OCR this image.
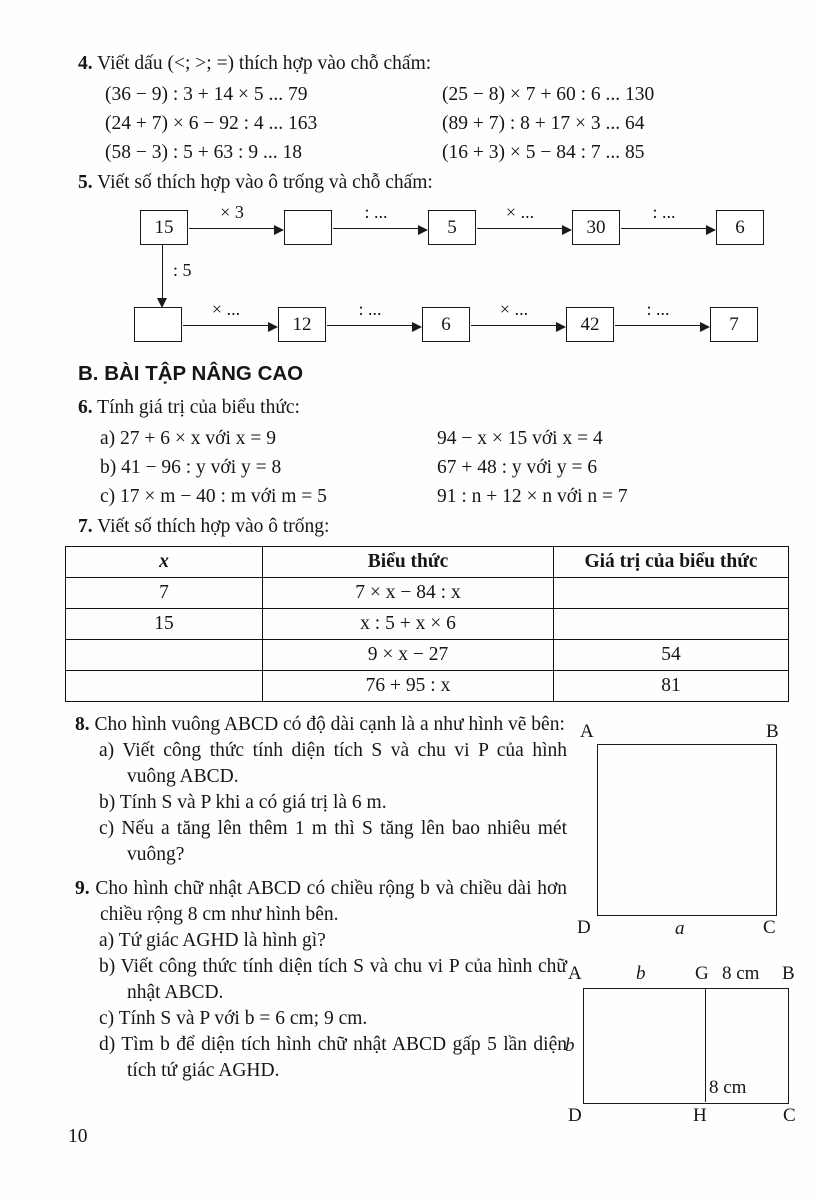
4. Viết dấu (<; >; =) thích hợp vào chỗ chấm:
(36 − 9) : 3 + 14 × 5 ... 79	(25 − 8) × 7 + 60 : 6 ... 130
(24 + 7) × 6 − 92 : 4 ... 163	(89 + 7) : 8 + 17 × 3 ... 64
(58 − 3) : 5 + 63 : 9 ... 18	(16 + 3) × 5 − 84 : 7 ... 85
5. Viết số thích hợp vào ô trống và chỗ chấm:
15
× 3	: ...
5
× ...
30
: ...
6
: 5
× ...
12
: ...
6
× ...
42
: ...
7
B. BÀI TẬP NÂNG CAO
6. Tính giá trị của biểu thức:
a) 27 + 6 × x với x = 9	94 − x × 15 với x = 4
b) 41 − 96 : y với y = 8	67 + 48 : y với y = 6
c) 17 × m − 40 : m với m = 5	91 : n + 12 × n với n = 7
7. Viết số thích hợp vào ô trống:
x	Biểu thức	Giá trị của biểu thức
7	7 × x − 84 : x	
15	x : 5 + x × 6	
	9 × x − 27	54
	76 + 95 : x	81
8. Cho hình vuông ABCD có độ dài cạnh là a như hình vẽ bên:
a) Viết công thức tính diện tích S và chu vi P của hình vuông ABCD.
b) Tính S và P khi a có giá trị là 6 m.
c) Nếu a tăng lên thêm 1 m thì S tăng lên bao nhiêu mét vuông?
9. Cho hình chữ nhật ABCD có chiều rộng b và chiều dài hơn chiều rộng 8 cm như hình bên.
a) Tứ giác AGHD là hình gì?
b) Viết công thức tính diện tích S và chu vi P của hình chữ nhật ABCD.
c) Tính S và P với b = 6 cm; 9 cm.
d) Tìm b để diện tích hình chữ nhật ABCD gấp 5 lần diện tích tứ giác AGHD.
A	B
D	a	C
A	b	G 8 cm B
b
8 cm
D	H	C
10
